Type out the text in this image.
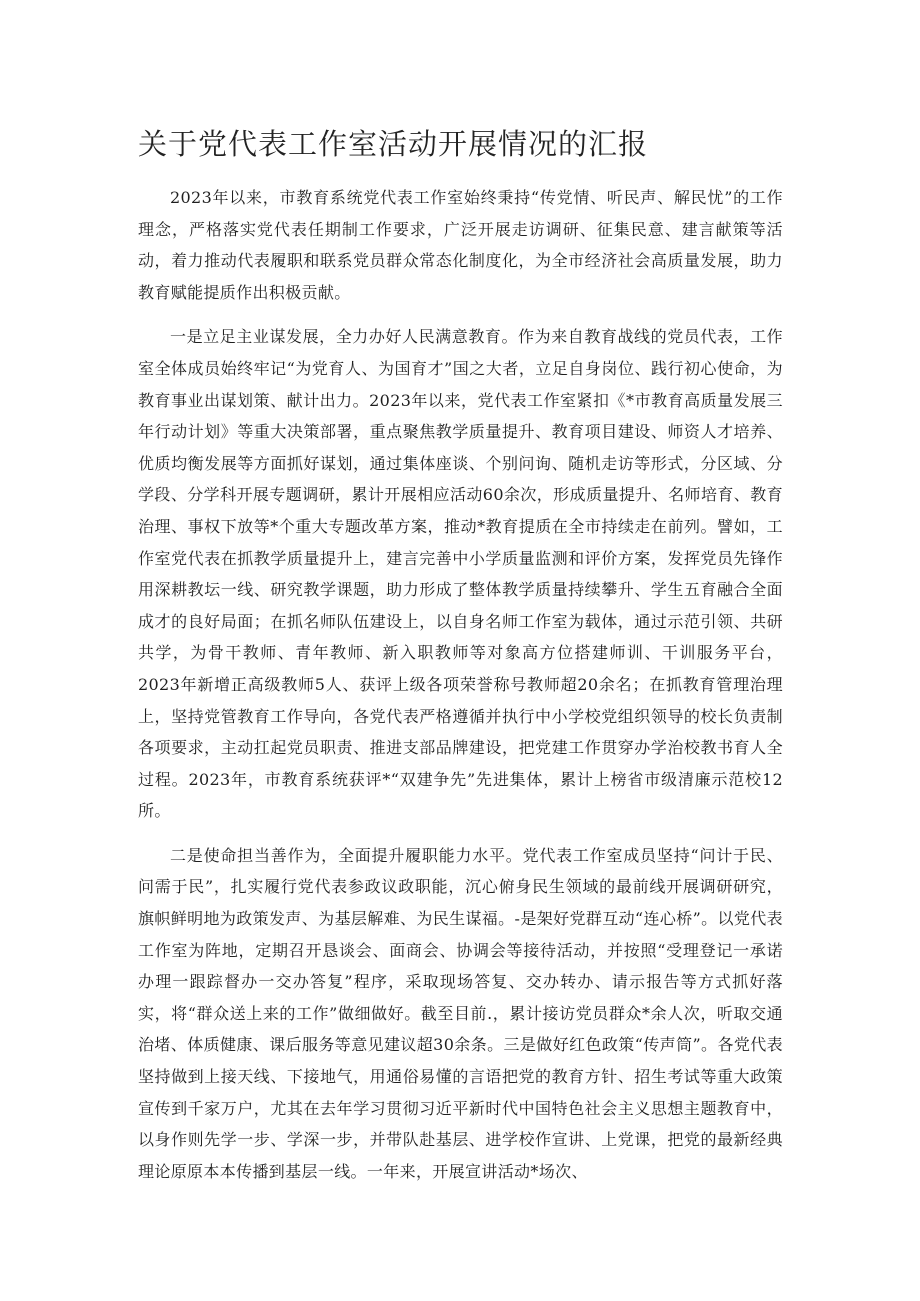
关于党代表工作室活动开展情况的汇报

2023年以来，市教育系统党代表工作室始终秉持“传党情、听民声、解民忧”的工作理念，严格落实党代表任期制工作要求，广泛开展走访调研、征集民意、建言献策等活动，着力推动代表履职和联系党员群众常态化制度化，为全市经济社会高质量发展，助力教育赋能提质作出积极贡献。

一是立足主业谋发展，全力办好人民满意教育。作为来自教育战线的党员代表，工作室全体成员始终牢记“为党育人、为国育才”国之大者，立足自身岗位、践行初心使命，为教育事业出谋划策、献计出力。2023年以来，党代表工作室紧扣《*市教育高质量发展三年行动计划》等重大决策部署，重点聚焦教学质量提升、教育项目建设、师资人才培养、优质均衡发展等方面抓好谋划，通过集体座谈、个别问询、随机走访等形式，分区域、分学段、分学科开展专题调研，累计开展相应活动60余次，形成质量提升、名师培育、教育治理、事权下放等*个重大专题改革方案，推动*教育提质在全市持续走在前列。譬如，工作室党代表在抓教学质量提升上，建言完善中小学质量监测和评价方案，发挥党员先锋作用深耕教坛一线、研究教学课题，助力形成了整体教学质量持续攀升、学生五育融合全面成才的良好局面；在抓名师队伍建设上，以自身名师工作室为载体，通过示范引领、共研共学，为骨干教师、青年教师、新入职教师等对象高方位搭建师训、干训服务平台，2023年新增正高级教师5人、获评上级各项荣誉称号教师超20余名；在抓教育管理治理上，坚持党管教育工作导向，各党代表严格遵循并执行中小学校党组织领导的校长负责制各项要求，主动扛起党员职责、推进支部品牌建设，把党建工作贯穿办学治校教书育人全过程。2023年，市教育系统获评*“双建争先”先进集体，累计上榜省市级清廉示范校12所。

二是使命担当善作为，全面提升履职能力水平。党代表工作室成员坚持“问计于民、问需于民”，扎实履行党代表参政议政职能，沉心俯身民生领域的最前线开展调研研究，旗帜鲜明地为政策发声、为基层解难、为民生谋福。-是架好党群互动“连心桥”。以党代表工作室为阵地，定期召开恳谈会、面商会、协调会等接待活动，并按照“受理登记一承诺办理一跟踪督办一交办答复”程序，采取现场答复、交办转办、请示报告等方式抓好落实，将“群众送上来的工作”做细做好。截至目前.，累计接访党员群众*余人次，听取交通治堵、体质健康、课后服务等意见建议超30余条。三是做好红色政策“传声筒”。各党代表坚持做到上接天线、下接地气，用通俗易懂的言语把党的教育方针、招生考试等重大政策宣传到千家万户，尤其在去年学习贯彻习近平新时代中国特色社会主义思想主题教育中，以身作则先学一步、学深一步，并带队赴基层、进学校作宣讲、上党课，把党的最新经典理论原原本本传播到基层一线。一年来，开展宣讲活动*场次、
